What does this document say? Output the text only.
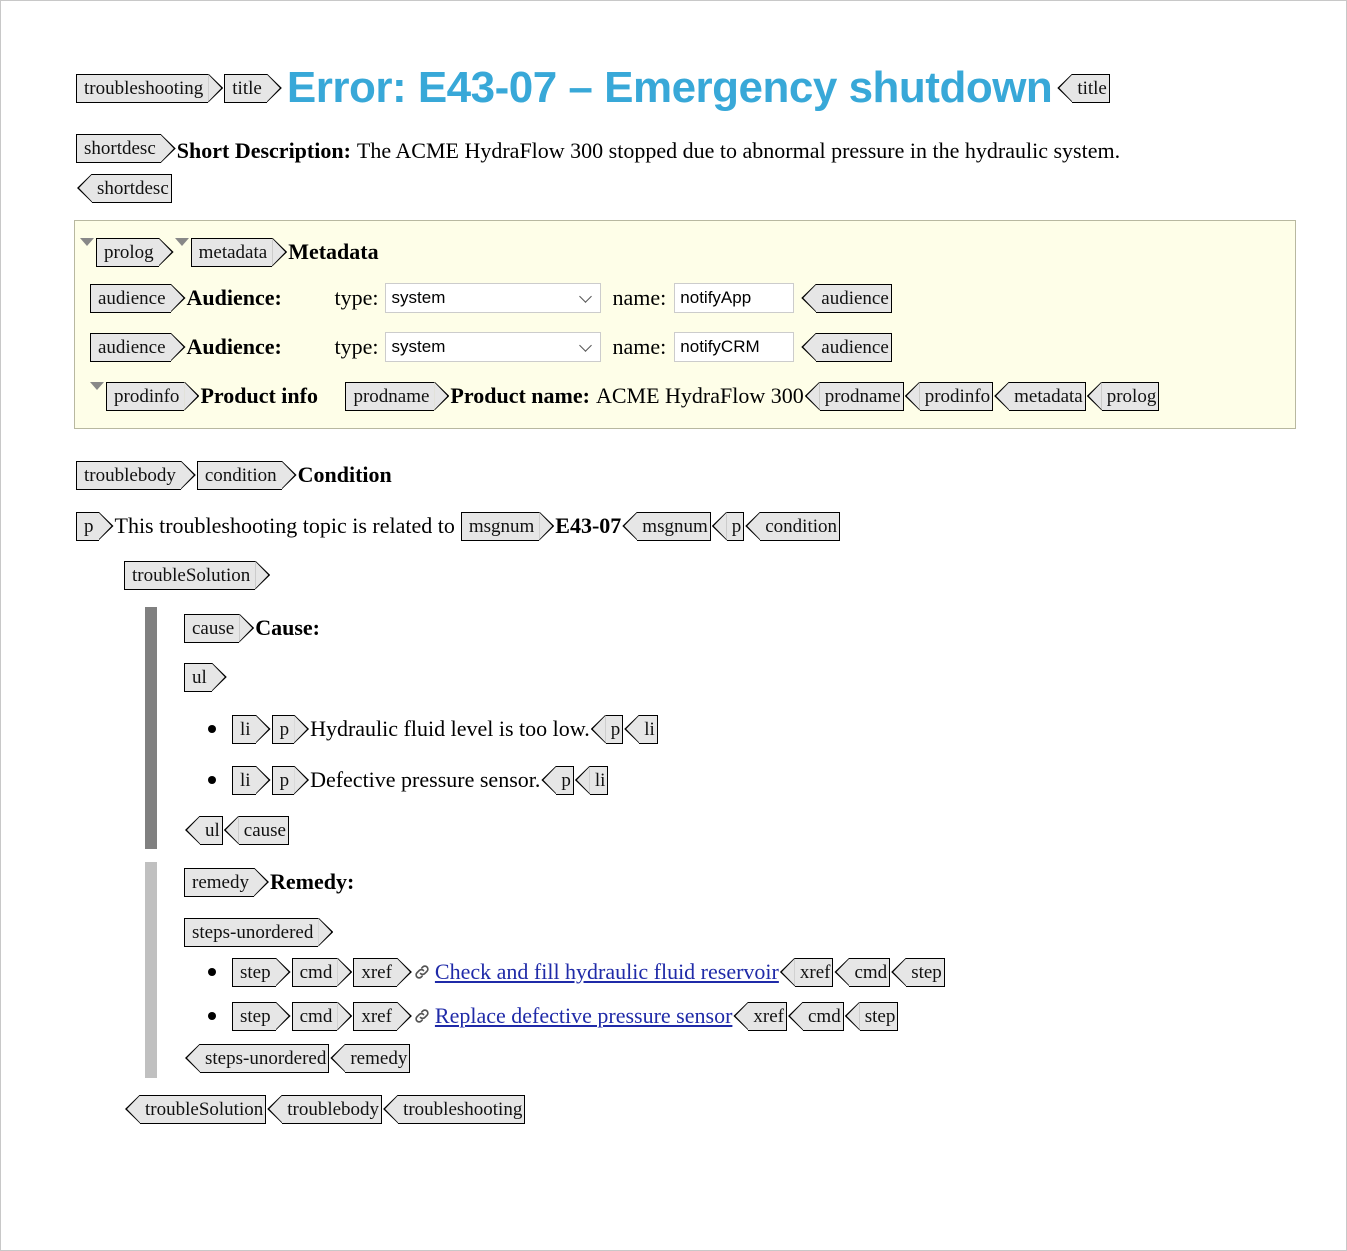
troubleshooting	title Error: E43-07 – Emergency shutdown title
shortdesc Short Description: The ACME HydraFlow 300 stopped due to abnormal pressure in the hydraulic system.
shortdesc
prolog	metadata Metadata
audience Audience:	type: system	name: notifyApp	audience
audience Audience:	type: system	name: notifyCRM	audience
prodinfo Product info	prodname Product name: ACME HydraFlow 300 prodname prodinfo metadata prolog
troublebody	condition Condition
p This troubleshooting topic is related to msgnum E43-07 msgnum p condition
troubleSolution
cause Cause:
ul
li	p Hydraulic fluid level is too low. p li
li	p Defective pressure sensor. p li
ul cause
remedy Remedy:
steps-unordered
step	cmd	xref Check and fill hydraulic fluid reservoir xref cmd step
step	cmd	xref Replace defective pressure sensor xref cmd step
steps-unordered remedy
troubleSolution troublebody troubleshooting
